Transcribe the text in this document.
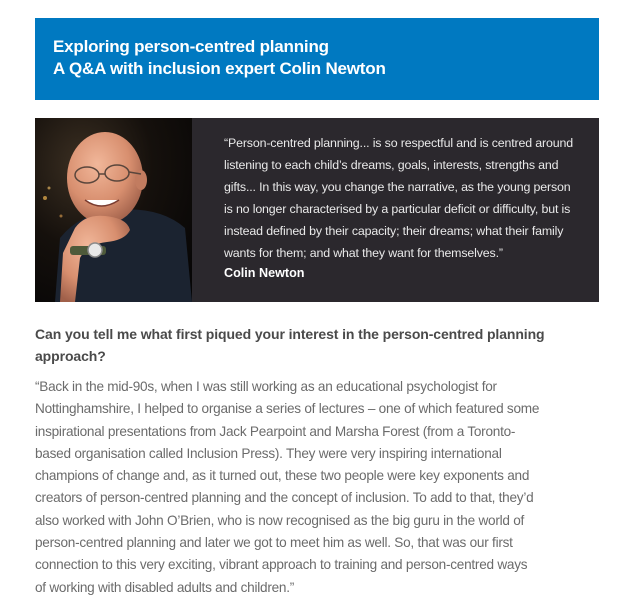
Exploring person-centred planning
A Q&A with inclusion expert Colin Newton
“Person-centred planning... is so respectful and is centred around
listening to each child’s dreams, goals, interests, strengths and
gifts... In this way, you change the narrative, as the young person
is no longer characterised by a particular deficit or difficulty, but is
instead defined by their capacity; their dreams; what their family
wants for them; and what they want for themselves.”
Colin Newton
Can you tell me what first piqued your interest in the person-centred planning
approach?
“Back in the mid-90s, when I was still working as an educational psychologist for
Nottinghamshire, I helped to organise a series of lectures – one of which featured some
inspirational presentations from Jack Pearpoint and Marsha Forest (from a Toronto-
based organisation called Inclusion Press). They were very inspiring international
champions of change and, as it turned out, these two people were key exponents and
creators of person-centred planning and the concept of inclusion. To add to that, they’d
also worked with John O’Brien, who is now recognised as the big guru in the world of
person-centred planning and later we got to meet him as well. So, that was our first
connection to this very exciting, vibrant approach to training and person-centred ways
of working with disabled adults and children.”
